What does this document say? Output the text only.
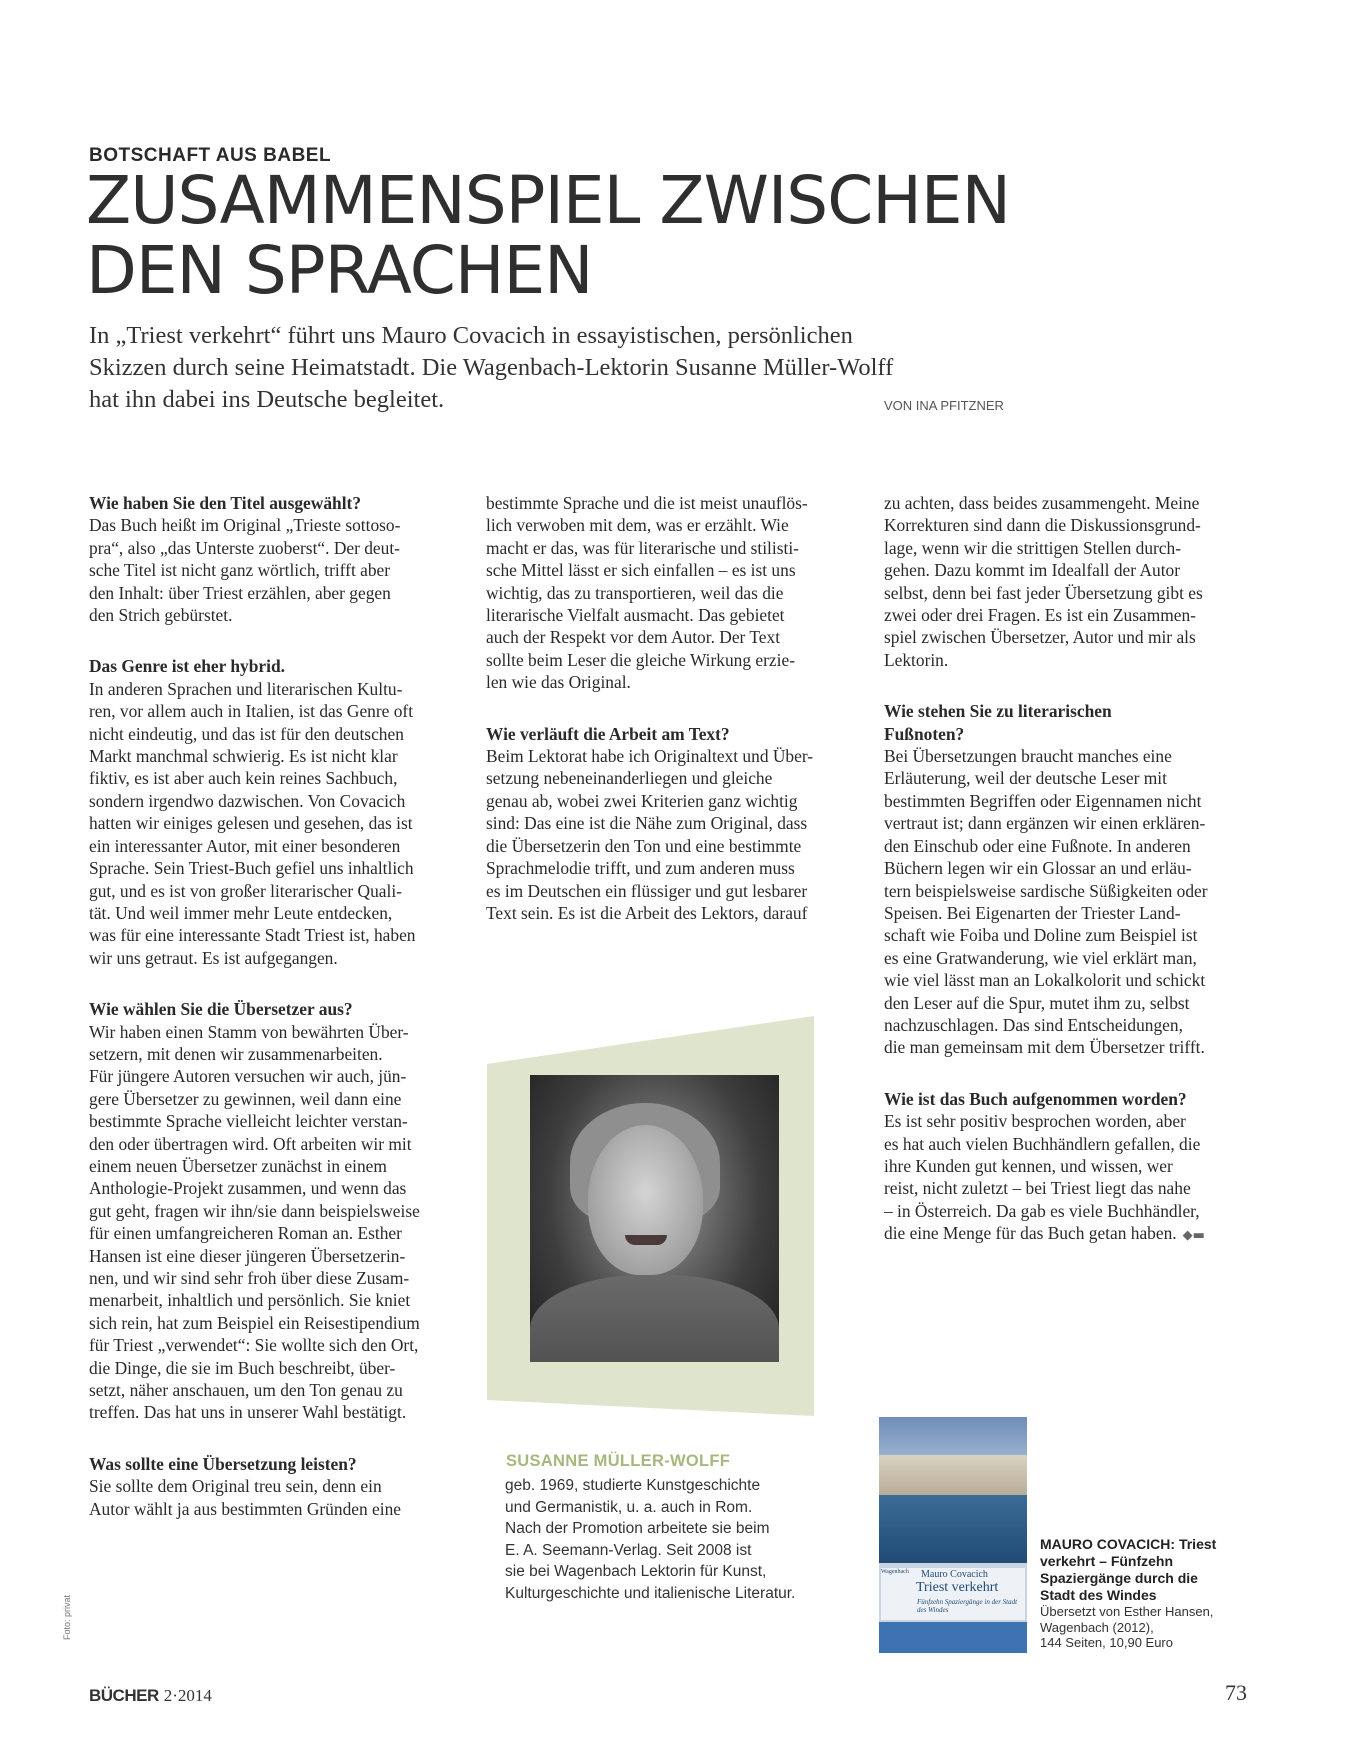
BOTSCHAFT AUS BABEL
ZUSAMMENSPIEL ZWISCHEN
DEN SPRACHEN
In „Triest verkehrt“ führt uns Mauro Covacich in essayistischen, persönlichen
Skizzen durch seine Heimatstadt. Die Wagenbach-Lektorin Susanne Müller-Wolff
hat ihn dabei ins Deutsche begleitet.	VON INA PFITZNER
Wie haben Sie den Titel ausgewählt?
Das Buch heißt im Original „Trieste sottoso-
pra“, also „das Unterste zuoberst“. Der deut-
sche Titel ist nicht ganz wörtlich, trifft aber
den Inhalt: über Triest erzählen, aber gegen
den Strich gebürstet.
Das Genre ist eher hybrid.
In anderen Sprachen und literarischen Kultu-
ren, vor allem auch in Italien, ist das Genre oft
nicht eindeutig, und das ist für den deutschen
Markt manchmal schwierig. Es ist nicht klar
fiktiv, es ist aber auch kein reines Sachbuch,
sondern irgendwo dazwischen. Von Covacich
hatten wir einiges gelesen und gesehen, das ist
ein interessanter Autor, mit einer besonderen
Sprache. Sein Triest-Buch gefiel uns inhaltlich
gut, und es ist von großer literarischer Quali-
tät. Und weil immer mehr Leute entdecken,
was für eine interessante Stadt Triest ist, haben
wir uns getraut. Es ist aufgegangen.
Wie wählen Sie die Übersetzer aus?
Wir haben einen Stamm von bewährten Über-
setzern, mit denen wir zusammenarbeiten.
Für jüngere Autoren versuchen wir auch, jün-
gere Übersetzer zu gewinnen, weil dann eine
bestimmte Sprache vielleicht leichter verstan-
den oder übertragen wird. Oft arbeiten wir mit
einem neuen Übersetzer zunächst in einem
Anthologie-Projekt zusammen, und wenn das
gut geht, fragen wir ihn/sie dann beispielsweise
für einen umfangreicheren Roman an. Esther
Hansen ist eine dieser jüngeren Übersetzerin-
nen, und wir sind sehr froh über diese Zusam-
menarbeit, inhaltlich und persönlich. Sie kniet
sich rein, hat zum Beispiel ein Reisestipendium
für Triest „verwendet“: Sie wollte sich den Ort,
die Dinge, die sie im Buch beschreibt, über-
setzt, näher anschauen, um den Ton genau zu
treffen. Das hat uns in unserer Wahl bestätigt.
Was sollte eine Übersetzung leisten?
Sie sollte dem Original treu sein, denn ein
Autor wählt ja aus bestimmten Gründen eine
bestimmte Sprache und die ist meist unauflös-
lich verwoben mit dem, was er erzählt. Wie
macht er das, was für literarische und stilisti-
sche Mittel lässt er sich einfallen – es ist uns
wichtig, das zu transportieren, weil das die
literarische Vielfalt ausmacht. Das gebietet
auch der Respekt vor dem Autor. Der Text
sollte beim Leser die gleiche Wirkung erzie-
len wie das Original.
Wie verläuft die Arbeit am Text?
Beim Lektorat habe ich Originaltext und Über-
setzung nebeneinanderliegen und gleiche
genau ab, wobei zwei Kriterien ganz wichtig
sind: Das eine ist die Nähe zum Original, dass
die Übersetzerin den Ton und eine bestimmte
Sprachmelodie trifft, und zum anderen muss
es im Deutschen ein flüssiger und gut lesbarer
Text sein. Es ist die Arbeit des Lektors, darauf
zu achten, dass beides zusammengeht. Meine
Korrekturen sind dann die Diskussionsgrund-
lage, wenn wir die strittigen Stellen durch-
gehen. Dazu kommt im Idealfall der Autor
selbst, denn bei fast jeder Übersetzung gibt es
zwei oder drei Fragen. Es ist ein Zusammen-
spiel zwischen Übersetzer, Autor und mir als
Lektorin.
Wie stehen Sie zu literarischen
Fußnoten?
Bei Übersetzungen braucht manches eine
Erläuterung, weil der deutsche Leser mit
bestimmten Begriffen oder Eigennamen nicht
vertraut ist; dann ergänzen wir einen erklären-
den Einschub oder eine Fußnote. In anderen
Büchern legen wir ein Glossar an und erläu-
tern beispielsweise sardische Süßigkeiten oder
Speisen. Bei Eigenarten der Triester Land-
schaft wie Foiba und Doline zum Beispiel ist
es eine Gratwanderung, wie viel erklärt man,
wie viel lässt man an Lokalkolorit und schickt
den Leser auf die Spur, mutet ihm zu, selbst
nachzuschlagen. Das sind Entscheidungen,
die man gemeinsam mit dem Übersetzer trifft.
Wie ist das Buch aufgenommen worden?
Es ist sehr positiv besprochen worden, aber
es hat auch vielen Buchhändlern gefallen, die
ihre Kunden gut kennen, und wissen, wer
reist, nicht zuletzt – bei Triest liegt das nahe
– in Österreich. Da gab es viele Buchhändler,
die eine Menge für das Buch getan haben. ◆▬
Foto: privat
SUSANNE MÜLLER-WOLFF
geb. 1969, studierte Kunstgeschichte
und Germanistik, u. a. auch in Rom.
Nach der Promotion arbeitete sie beim
E. A. Seemann-Verlag. Seit 2008 ist
sie bei Wagenbach Lektorin für Kunst,
Kulturgeschichte und italienische Literatur.
Wagenbach Mauro Covacich
Triest verkehrt
Fünfzehn Spaziergänge in der Stadt des Windes
MAURO COVACICH: Triest
verkehrt – Fünfzehn
Spaziergänge durch die
Stadt des Windes
Übersetzt von Esther Hansen,
Wagenbach (2012),
144 Seiten, 10,90 Euro
BÜCHER 2·2014	73
